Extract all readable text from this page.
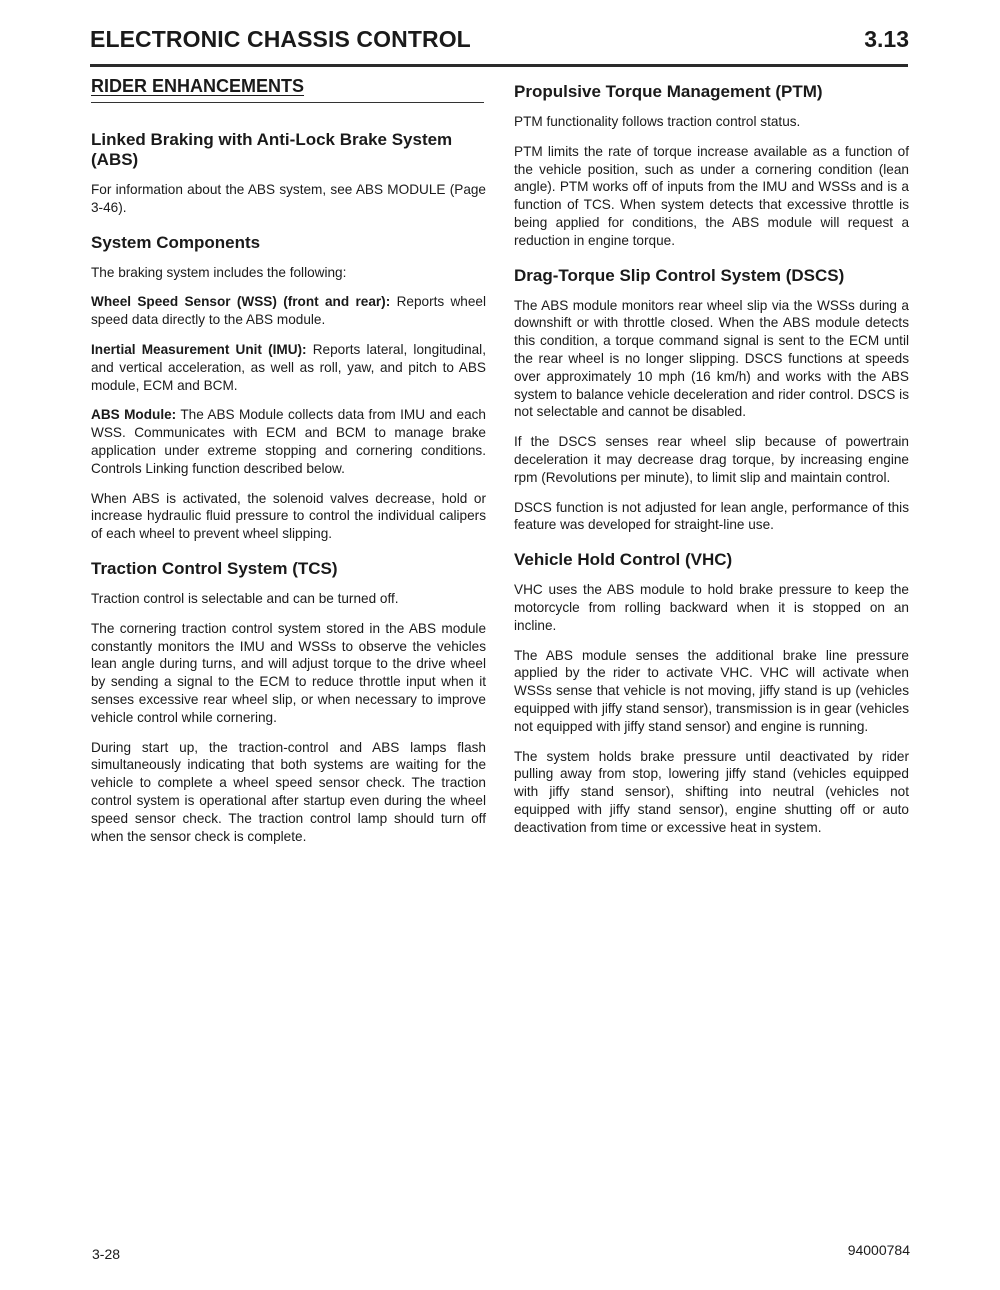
ELECTRONIC CHASSIS CONTROL	3.13
RIDER ENHANCEMENTS
Linked Braking with Anti-Lock Brake System (ABS)

For information about the ABS system, see ABS MODULE (Page 3-46).

System Components

The braking system includes the following:

Wheel Speed Sensor (WSS) (front and rear): Reports wheel speed data directly to the ABS module.

Inertial Measurement Unit (IMU): Reports lateral, longitudinal, and vertical acceleration, as well as roll, yaw, and pitch to ABS module, ECM and BCM.

ABS Module: The ABS Module collects data from IMU and each WSS. Communicates with ECM and BCM to manage brake application under extreme stopping and cornering conditions. Controls Linking function described below.

When ABS is activated, the solenoid valves decrease, hold or increase hydraulic fluid pressure to control the individual calipers of each wheel to prevent wheel slipping.

Traction Control System (TCS)

Traction control is selectable and can be turned off.

The cornering traction control system stored in the ABS module constantly monitors the IMU and WSSs to observe the vehicles lean angle during turns, and will adjust torque to the drive wheel by sending a signal to the ECM to reduce throttle input when it senses excessive rear wheel slip, or when necessary to improve vehicle control while cornering.

During start up, the traction-control and ABS lamps flash simultaneously indicating that both systems are waiting for the vehicle to complete a wheel speed sensor check. The traction control system is operational after startup even during the wheel speed sensor check. The traction control lamp should turn off when the sensor check is complete.

Propulsive Torque Management (PTM)

PTM functionality follows traction control status.

PTM limits the rate of torque increase available as a function of the vehicle position, such as under a cornering condition (lean angle). PTM works off of inputs from the IMU and WSSs and is a function of TCS. When system detects that excessive throttle is being applied for conditions, the ABS module will request a reduction in engine torque.

Drag-Torque Slip Control System (DSCS)

The ABS module monitors rear wheel slip via the WSSs during a downshift or with throttle closed. When the ABS module detects this condition, a torque command signal is sent to the ECM until the rear wheel is no longer slipping. DSCS functions at speeds over approximately 10 mph (16 km/h) and works with the ABS system to balance vehicle deceleration and rider control. DSCS is not selectable and cannot be disabled.

If the DSCS senses rear wheel slip because of powertrain deceleration it may decrease drag torque, by increasing engine rpm (Revolutions per minute), to limit slip and maintain control.

DSCS function is not adjusted for lean angle, performance of this feature was developed for straight-line use.

Vehicle Hold Control (VHC)

VHC uses the ABS module to hold brake pressure to keep the motorcycle from rolling backward when it is stopped on an incline.

The ABS module senses the additional brake line pressure applied by the rider to activate VHC. VHC will activate when WSSs sense that vehicle is not moving, jiffy stand is up (vehicles equipped with jiffy stand sensor), transmission is in gear (vehicles not equipped with jiffy stand sensor) and engine is running.

The system holds brake pressure until deactivated by rider pulling away from stop, lowering jiffy stand (vehicles equipped with jiffy stand sensor), shifting into neutral (vehicles not equipped with jiffy stand sensor), engine shutting off or auto deactivation from time or excessive heat in system.

3-28	94000784
